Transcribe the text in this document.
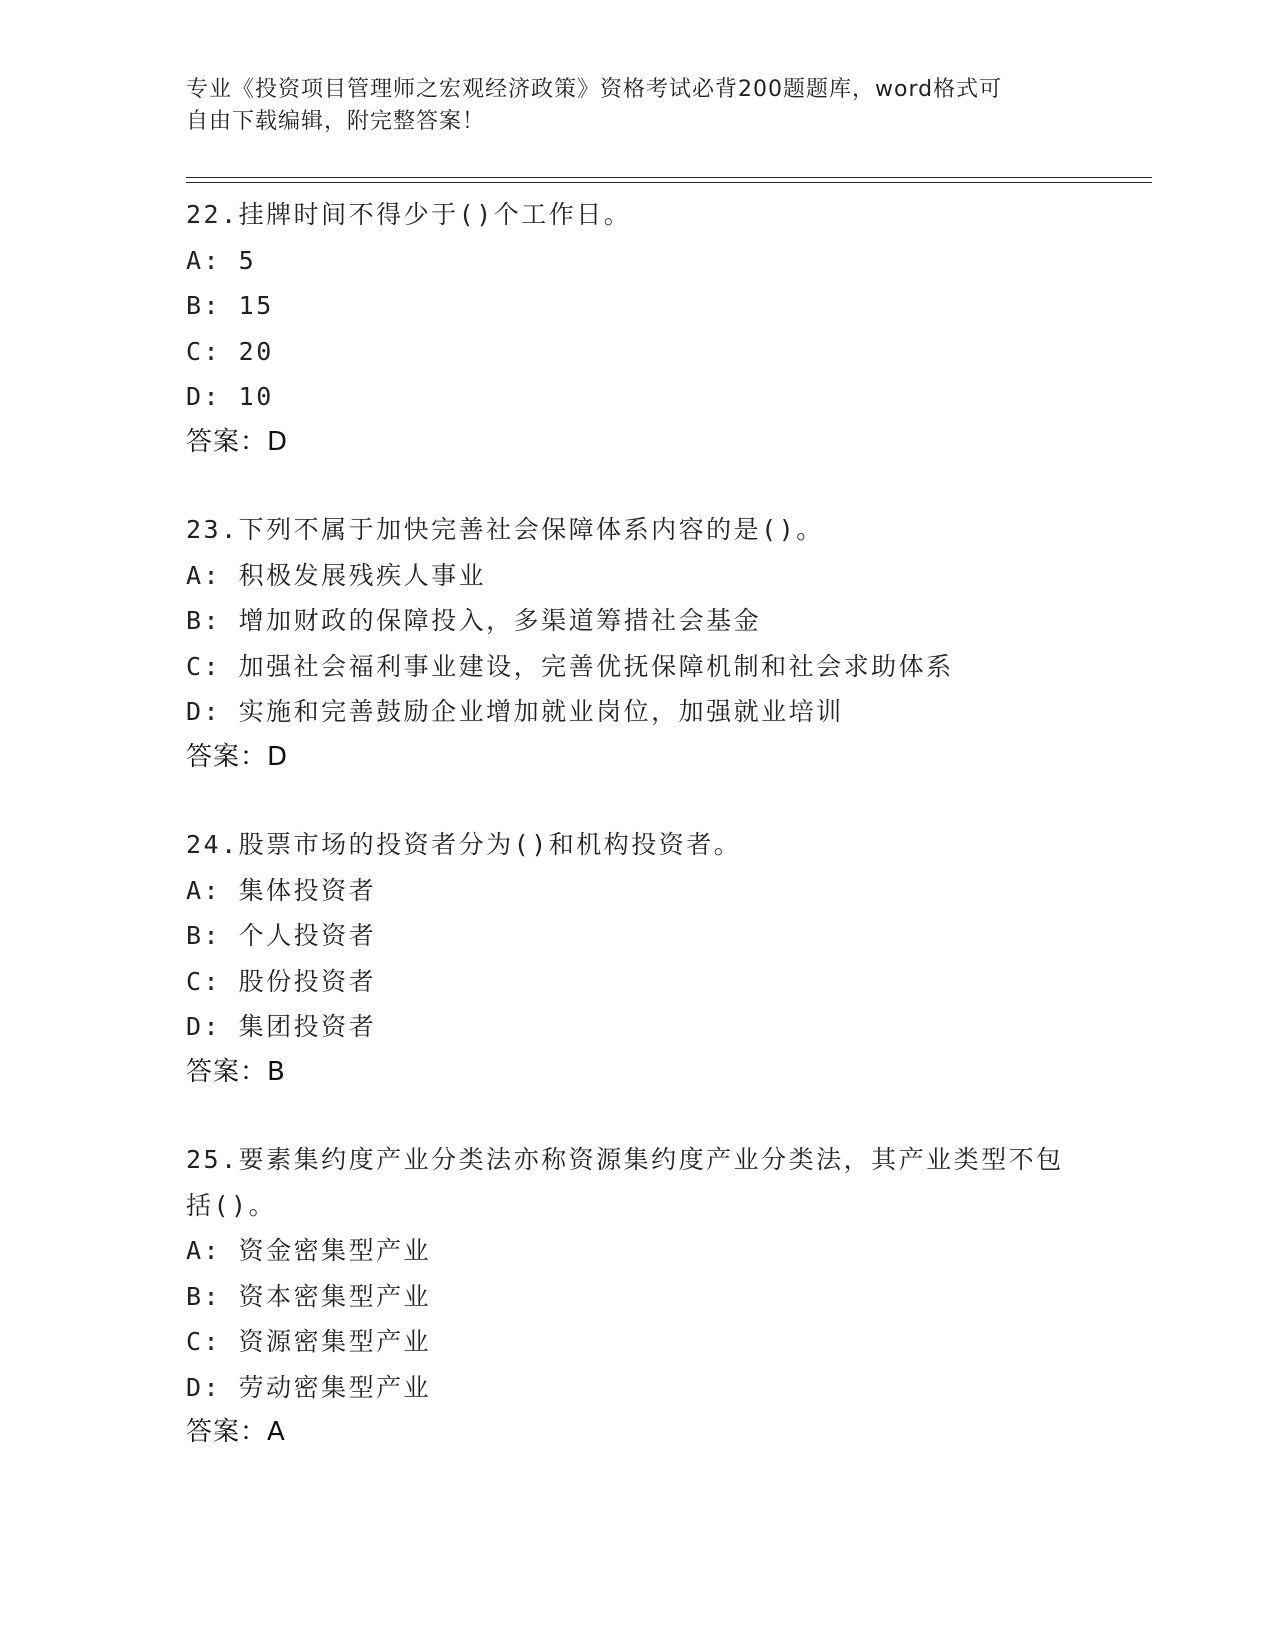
专业《投资项目管理师之宏观经济政策》资格考试必背200题题库，word格式可
自由下载编辑，附完整答案！
22.挂牌时间不得少于()个工作日。
A: 5
B: 15
C: 20
D: 10
答案：D
23.下列不属于加快完善社会保障体系内容的是()。
A: 积极发展残疾人事业
B: 增加财政的保障投入，多渠道筹措社会基金
C: 加强社会福利事业建设，完善优抚保障机制和社会求助体系
D: 实施和完善鼓励企业增加就业岗位，加强就业培训
答案：D
24.股票市场的投资者分为()和机构投资者。
A: 集体投资者
B: 个人投资者
C: 股份投资者
D: 集团投资者
答案：B
25.要素集约度产业分类法亦称资源集约度产业分类法，其产业类型不包括()。
A: 资金密集型产业
B: 资本密集型产业
C: 资源密集型产业
D: 劳动密集型产业
答案：A
